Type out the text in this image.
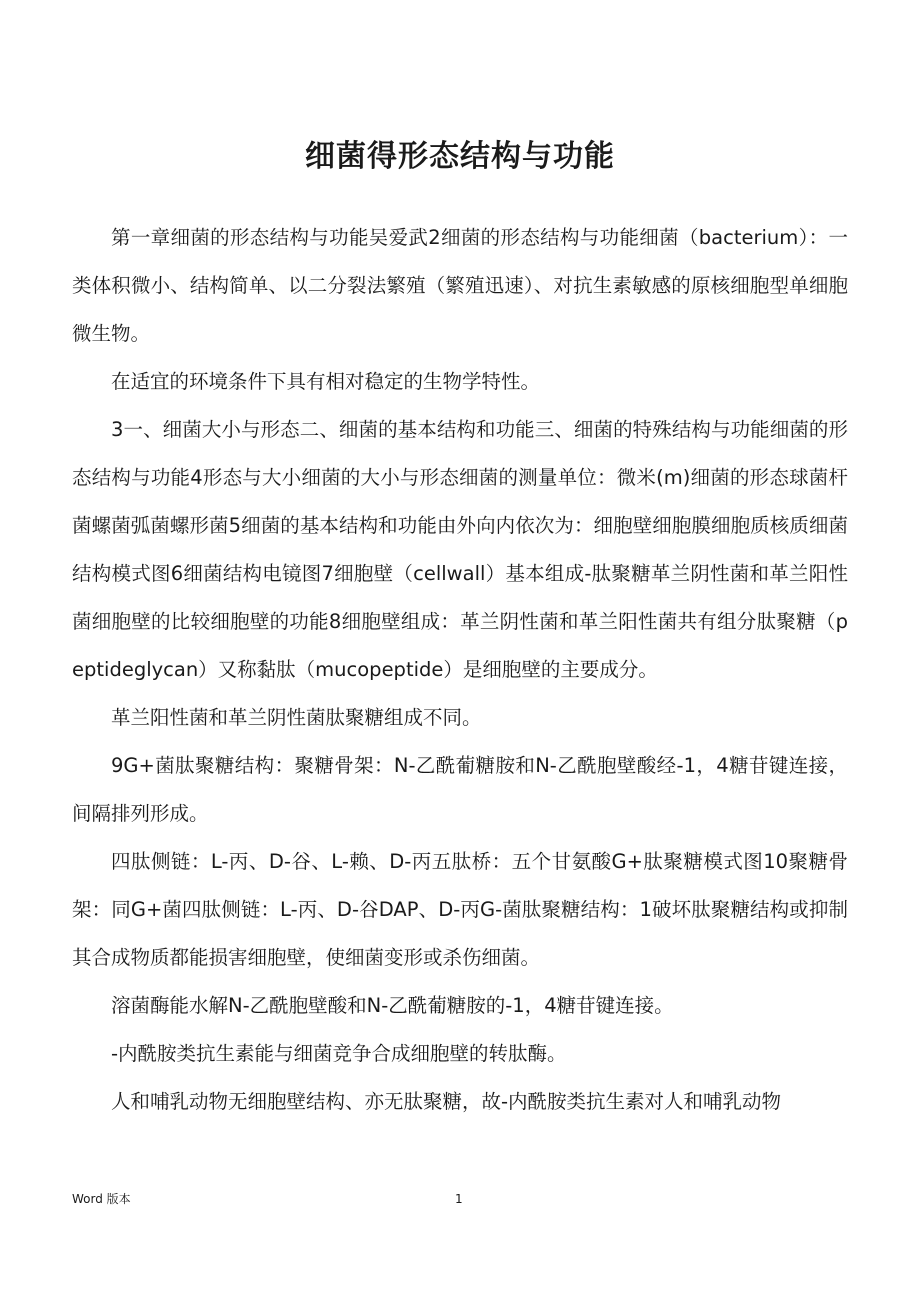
细菌得形态结构与功能

第一章细菌的形态结构与功能吴爱武2细菌的形态结构与功能细菌（bacterium）：一类体积微小、结构简单、以二分裂法繁殖（繁殖迅速）、对抗生素敏感的原核细胞型单细胞微生物。

在适宜的环境条件下具有相对稳定的生物学特性。

3一、细菌大小与形态二、细菌的基本结构和功能三、细菌的特殊结构与功能细菌的形态结构与功能4形态与大小细菌的大小与形态细菌的测量单位：微米(m)细菌的形态球菌杆菌螺菌弧菌螺形菌5细菌的基本结构和功能由外向内依次为：细胞壁细胞膜细胞质核质细菌结构模式图6细菌结构电镜图7细胞壁（cellwall）基本组成-肽聚糖革兰阴性菌和革兰阳性菌细胞壁的比较细胞壁的功能8细胞壁组成：革兰阴性菌和革兰阳性菌共有组分肽聚糖（peptideglycan）又称黏肽（mucopeptide）是细胞壁的主要成分。

革兰阳性菌和革兰阴性菌肽聚糖组成不同。

9G+菌肽聚糖结构：聚糖骨架：N-乙酰葡糖胺和N-乙酰胞壁酸经-1，4糖苷键连接，间隔排列形成。

四肽侧链：L-丙、D-谷、L-赖、D-丙五肽桥：五个甘氨酸G+肽聚糖模式图10聚糖骨架：同G+菌四肽侧链：L-丙、D-谷DAP、D-丙G-菌肽聚糖结构：1破坏肽聚糖结构或抑制其合成物质都能损害细胞壁，使细菌变形或杀伤细菌。

溶菌酶能水解N-乙酰胞壁酸和N-乙酰葡糖胺的-1，4糖苷键连接。

-内酰胺类抗生素能与细菌竞争合成细胞壁的转肽酶。

人和哺乳动物无细胞壁结构、亦无肽聚糖，故-内酰胺类抗生素对人和哺乳动物

Word 版本	1
